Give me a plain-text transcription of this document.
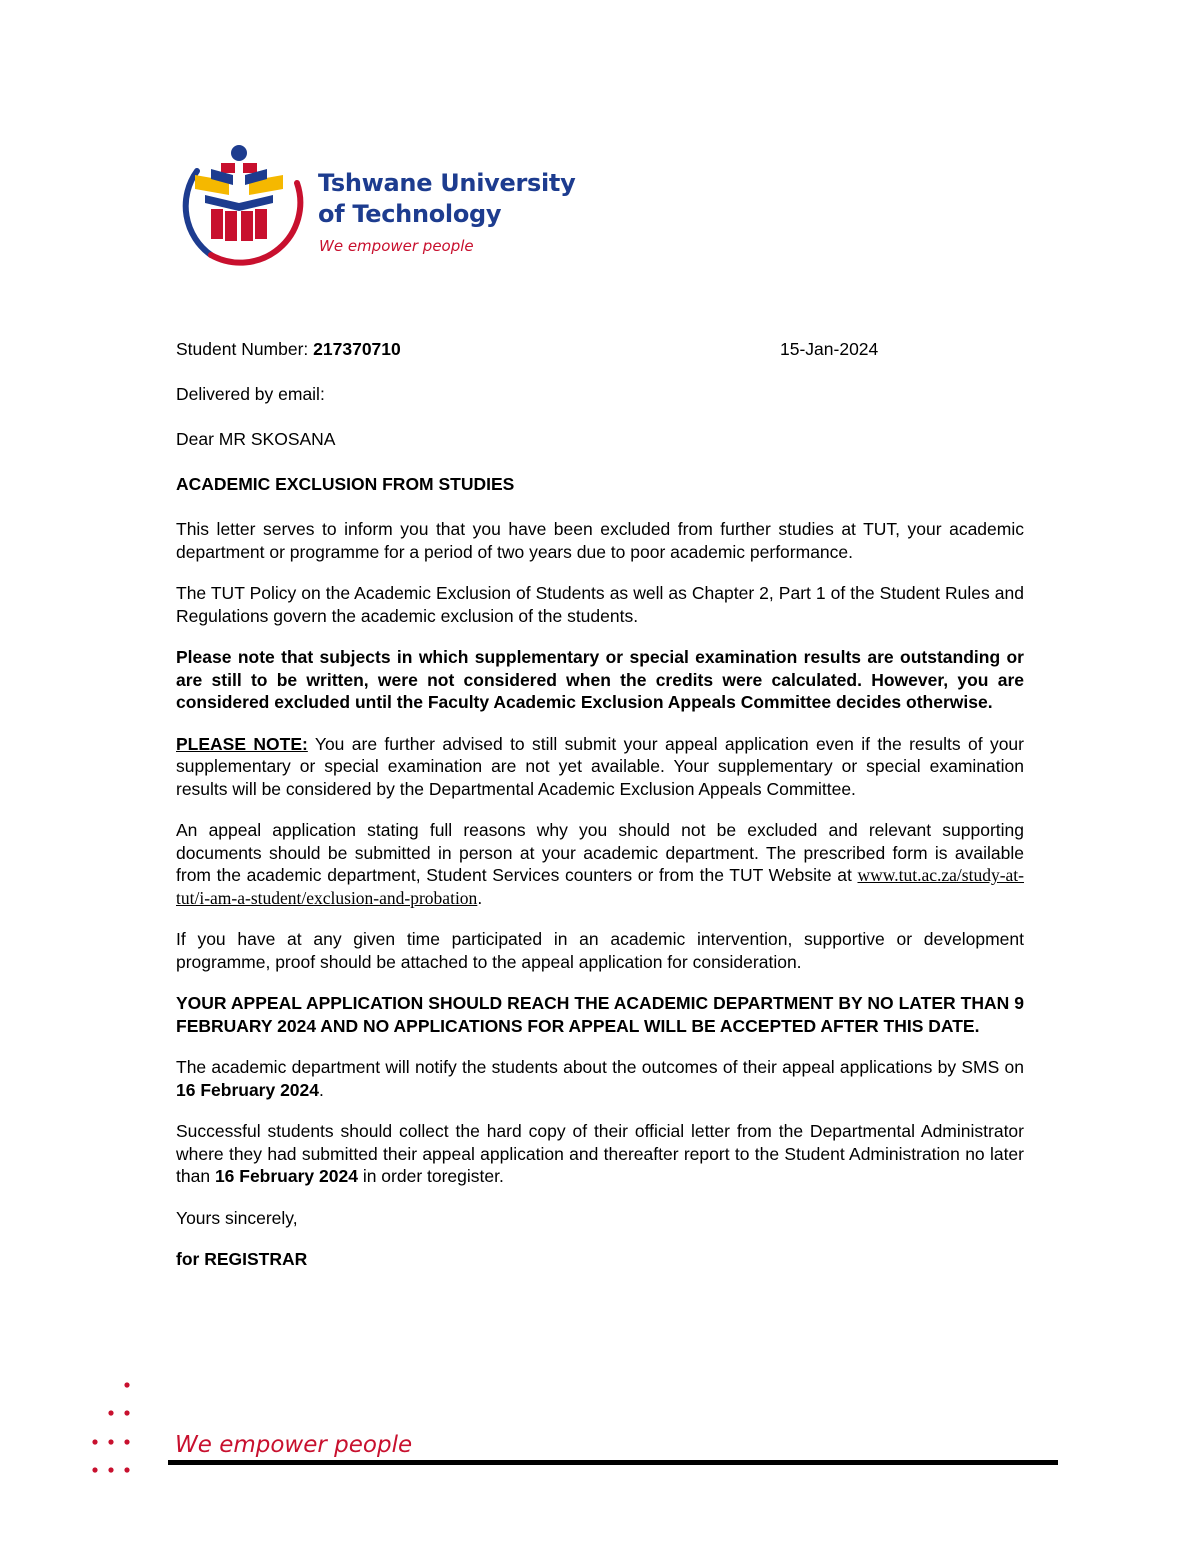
Tshwane University
of Technology
We empower people
Student Number: 217370710	15-Jan-2024
Delivered by email:
Dear MR SKOSANA
ACADEMIC EXCLUSION FROM STUDIES

This letter serves to inform you that you have been excluded from further studies at TUT, your academic department or programme for a period of two years due to poor academic performance.

The TUT Policy on the Academic Exclusion of Students as well as Chapter 2, Part 1 of the Student Rules and Regulations govern the academic exclusion of the students.

Please note that subjects in which supplementary or special examination results are outstanding or are still to be written, were not considered when the credits were calculated. However, you are considered excluded until the Faculty Academic Exclusion Appeals Committee decides otherwise.

PLEASE NOTE: You are further advised to still submit your appeal application even if the results of your supplementary or special examination are not yet available. Your supplementary or special examination results will be considered by the Departmental Academic Exclusion Appeals Committee.

An appeal application stating full reasons why you should not be excluded and relevant supporting documents should be submitted in person at your academic department. The prescribed form is available from the academic department, Student Services counters or from the TUT Website at www.tut.ac.za/study-at-tut/i-am-a-student/exclusion-and-probation.

If you have at any given time participated in an academic intervention, supportive or development programme, proof should be attached to the appeal application for consideration.

YOUR APPEAL APPLICATION SHOULD REACH THE ACADEMIC DEPARTMENT BY NO LATER THAN 9 FEBRUARY 2024 AND NO APPLICATIONS FOR APPEAL WILL BE ACCEPTED AFTER THIS DATE.

The academic department will notify the students about the outcomes of their appeal applications by SMS on 16 February 2024.

Successful students should collect the hard copy of their official letter from the Departmental Administrator where they had submitted their appeal application and thereafter report to the Student Administration no later than 16 February 2024 in order toregister.

Yours sincerely,

for REGISTRAR

We empower people
